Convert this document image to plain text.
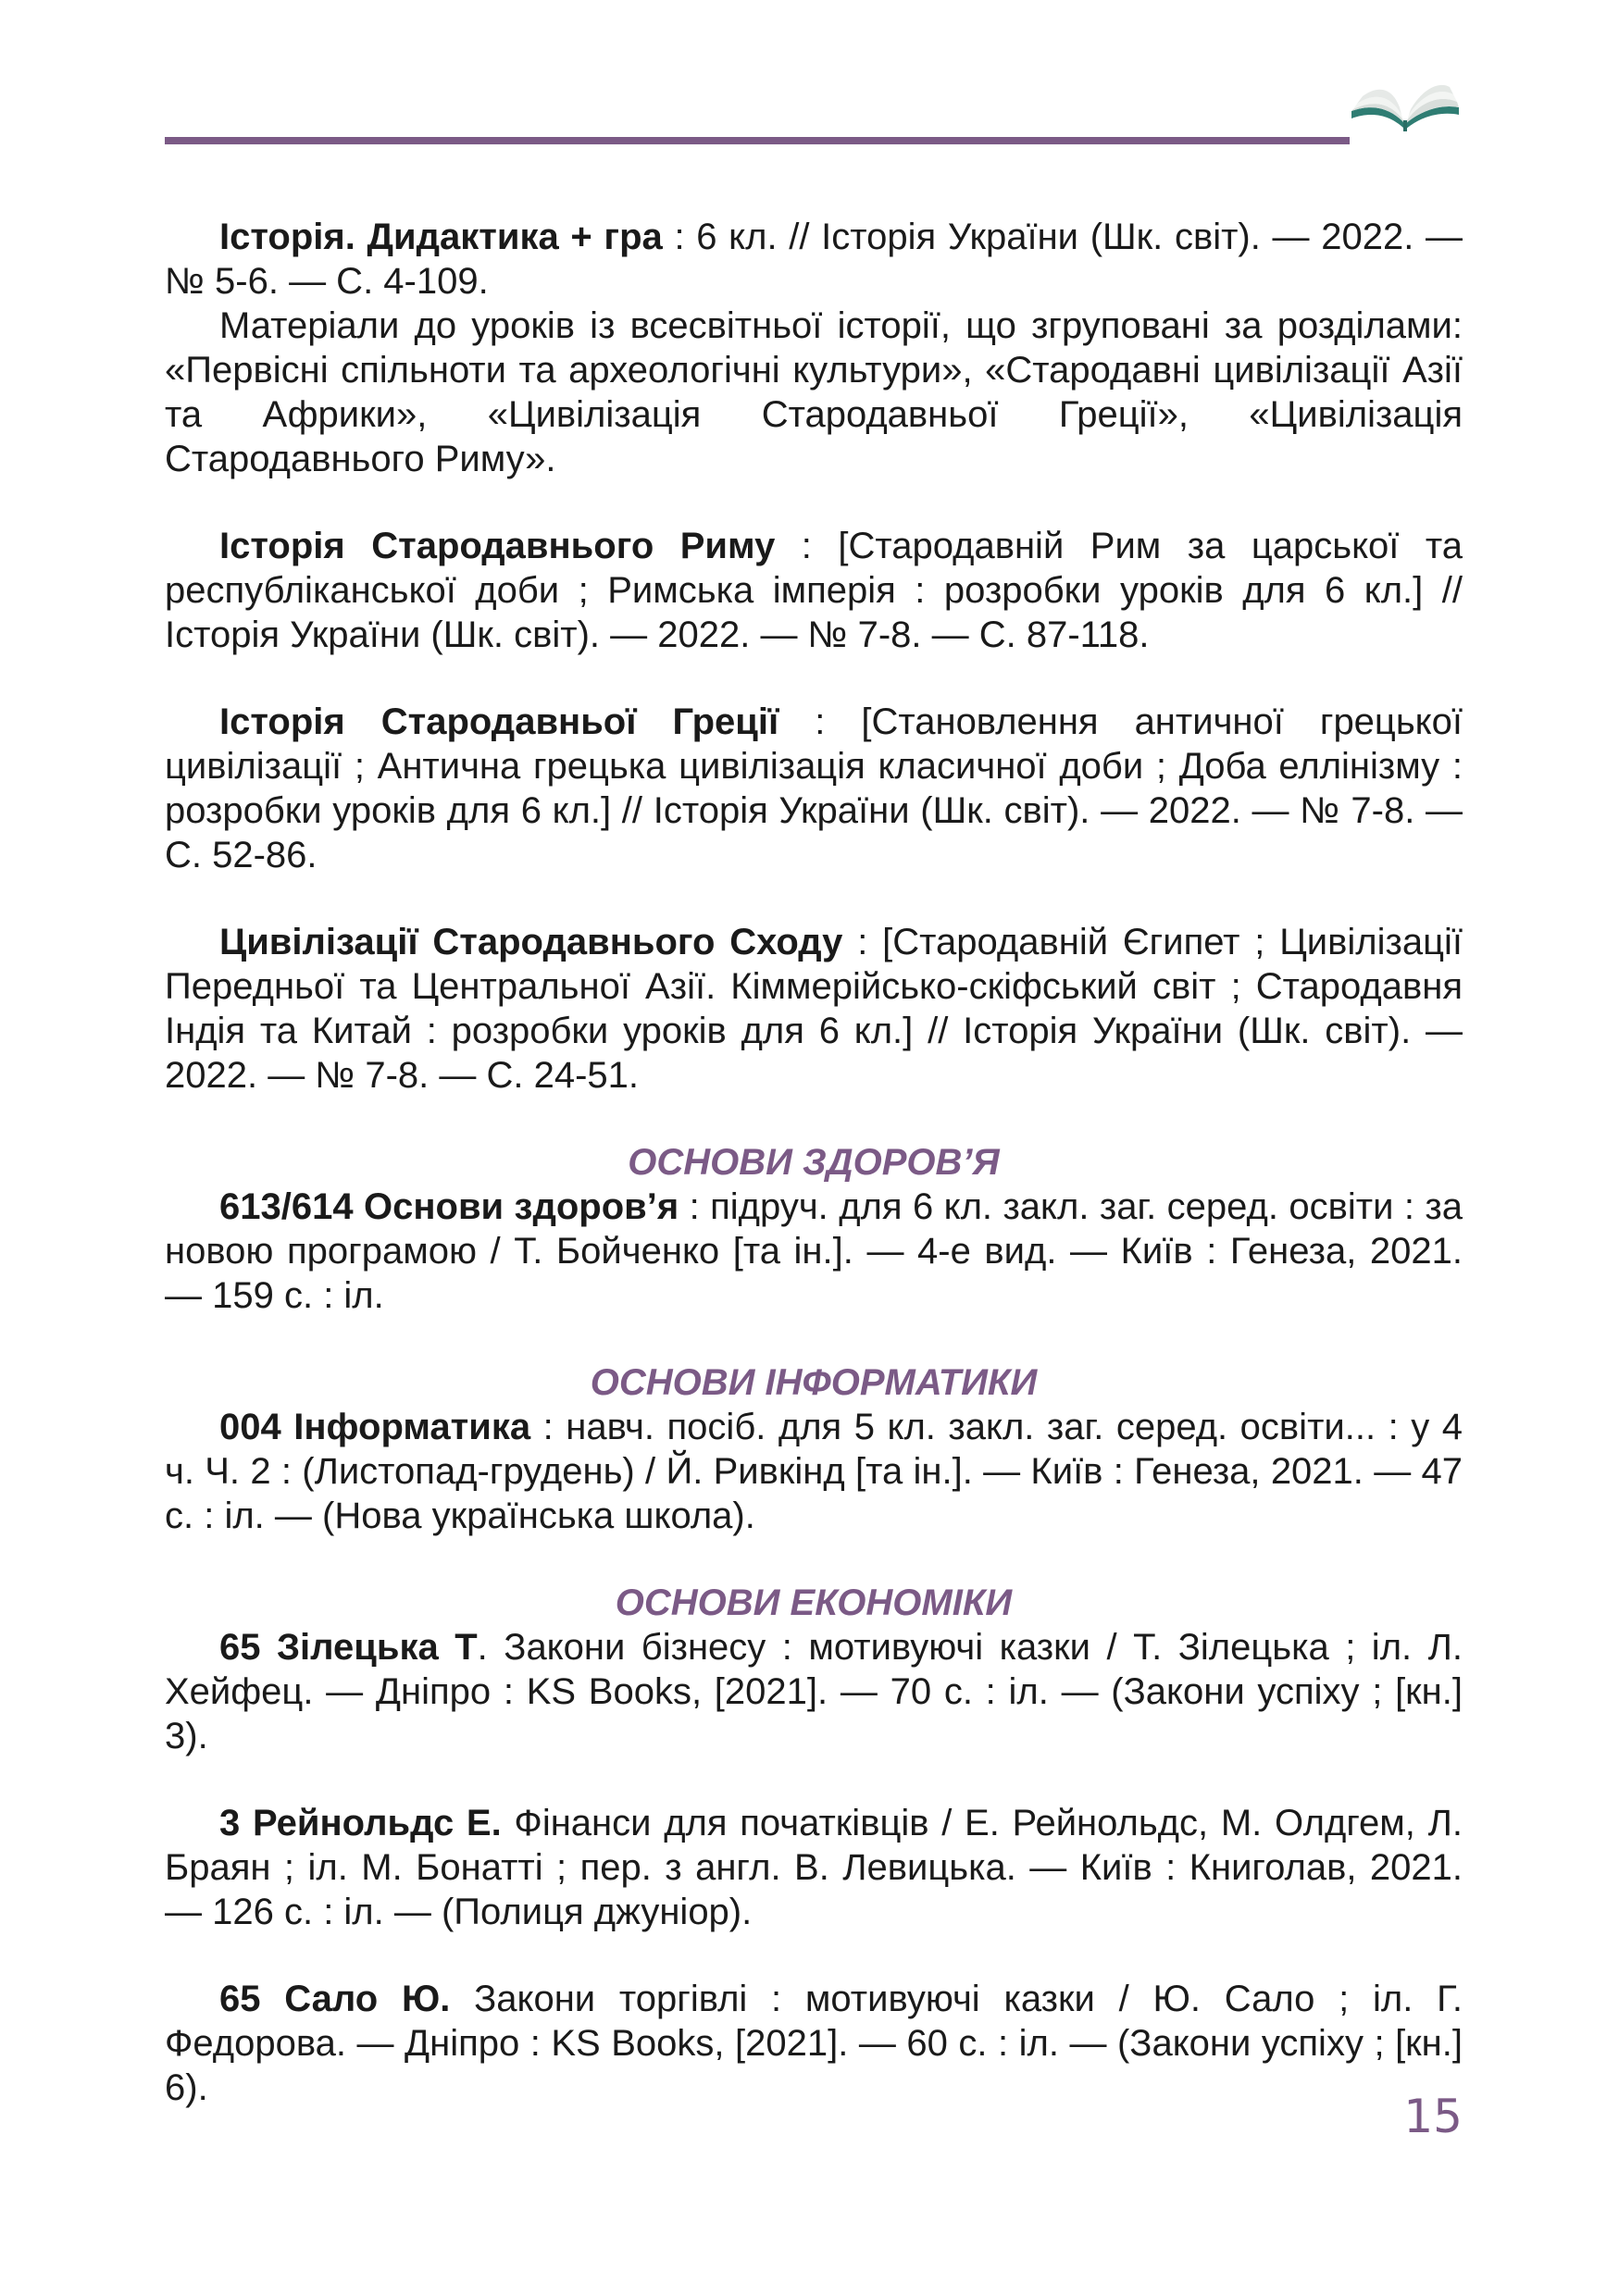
Історія. Дидактика + гра : 6 кл. // Історія України (Шк. світ). — 2022. — № 5-6. — С. 4-109.

Матеріали до уроків із всесвітньої історії, що згруповані за розділами: «Первісні спільноти та археологічні культури», «Стародавні цивілізації Азії та Африки», «Цивілізація Стародавньої Греції», «Цивілізація Стародавнього Риму».

Історія Стародавнього Риму : [Стародавній Рим за царської та республіканської доби ; Римська імперія : розробки уроків для 6 кл.] // Історія України (Шк. світ). — 2022. — № 7-8. — С. 87-118.

Історія Стародавньої Греції : [Становлення античної грецької цивілізації ; Антична грецька цивілізація класичної доби ; Доба еллінізму : розробки уроків для 6 кл.] // Історія України (Шк. світ). — 2022. — № 7-8. — С. 52-86.

Цивілізації Стародавнього Сходу : [Стародавній Єгипет ; Цивілізації Передньої та Центральної Азії. Кіммерійсько-скіфський світ ; Стародавня Індія та Китай : розробки уроків для 6 кл.] // Історія України (Шк. світ). — 2022. — № 7-8. — С. 24-51.

ОСНОВИ ЗДОРОВ’Я

613/614 Основи здоров’я : підруч. для 6 кл. закл. заг. серед. освіти : за новою програмою / Т. Бойченко [та ін.]. — 4-е вид. — Київ : Генеза, 2021. — 159 с. : іл.

ОСНОВИ ІНФОРМАТИКИ

004 Інформатика : навч. посіб. для 5 кл. закл. заг. серед. освіти... : у 4 ч. Ч. 2 : (Листопад-грудень) / Й. Ривкінд [та ін.]. — Київ : Генеза, 2021. — 47 с. : іл. — (Нова українська школа).

ОСНОВИ ЕКОНОМІКИ

65 Зілецька Т. Закони бізнесу : мотивуючі казки / Т. Зілецька ; іл. Л. Хейфец. — Дніпро : KS Books, [2021]. — 70 с. : іл. — (Закони успіху ; [кн.] 3).

3 Рейнольдс Е. Фінанси для початківців / Е. Рейнольдс, М. Олдгем, Л. Браян ; іл. М. Бонатті ; пер. з англ. В. Левицька. — Київ : Книголав, 2021. — 126 с. : іл. — (Полиця джуніор).

65 Сало Ю. Закони торгівлі : мотивуючі казки / Ю. Сало ; іл. Г. Федорова. — Дніпро : KS Books, [2021]. — 60 с. : іл. — (Закони успіху ; [кн.] 6).

15
